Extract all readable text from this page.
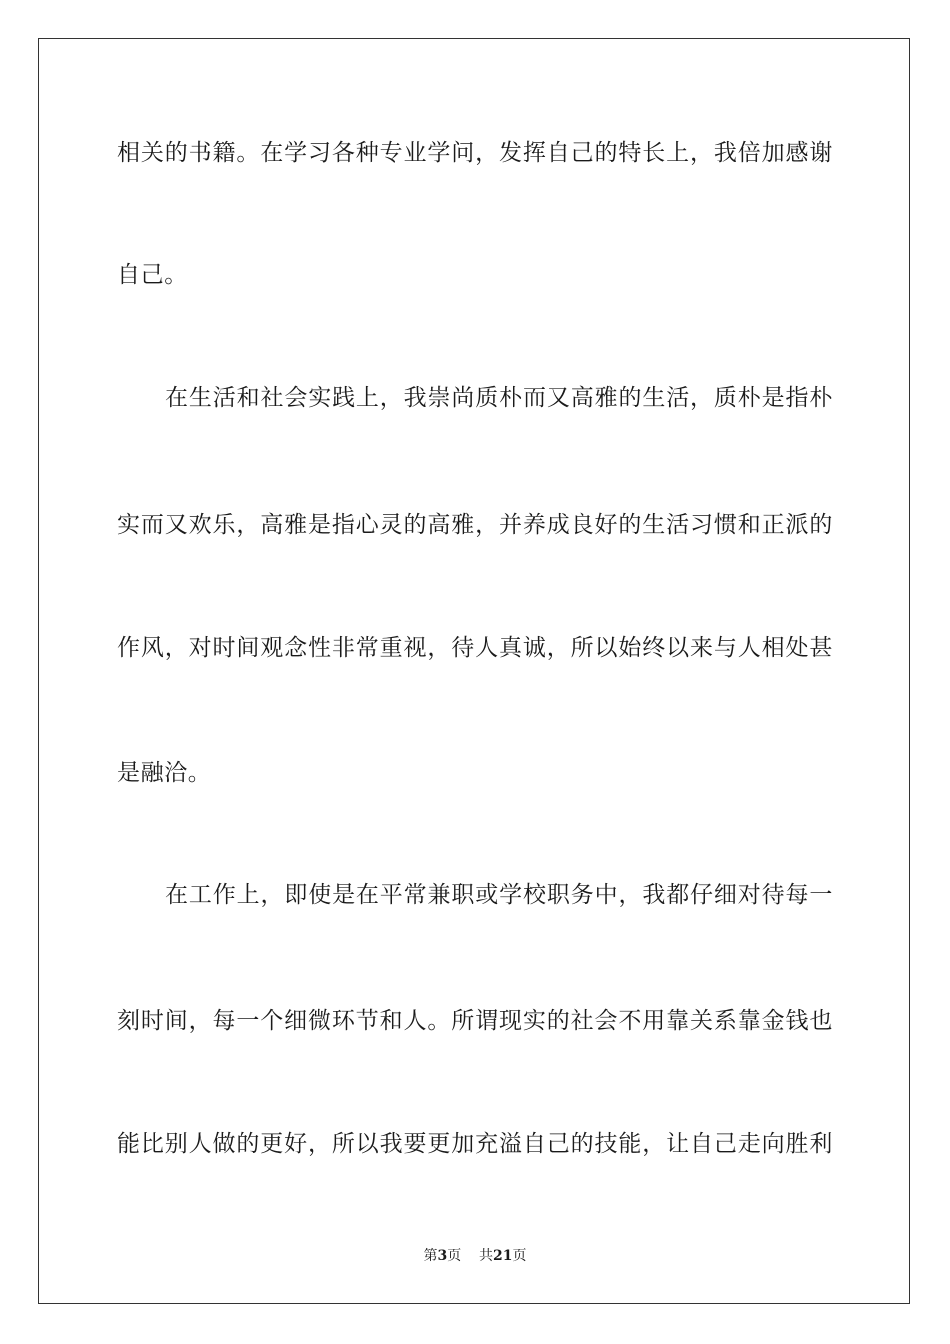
相关的书籍。在学习各种专业学问，发挥自己的特长上，我倍加感谢
自己。
在生活和社会实践上，我崇尚质朴而又高雅的生活，质朴是指朴
实而又欢乐，高雅是指心灵的高雅，并养成良好的生活习惯和正派的
作风，对时间观念性非常重视，待人真诚，所以始终以来与人相处甚
是融洽。
在工作上，即使是在平常兼职或学校职务中，我都仔细对待每一
刻时间，每一个细微环节和人。所谓现实的社会不用靠关系靠金钱也
能比别人做的更好，所以我要更加充溢自己的技能，让自己走向胜利
第3页 共21页
